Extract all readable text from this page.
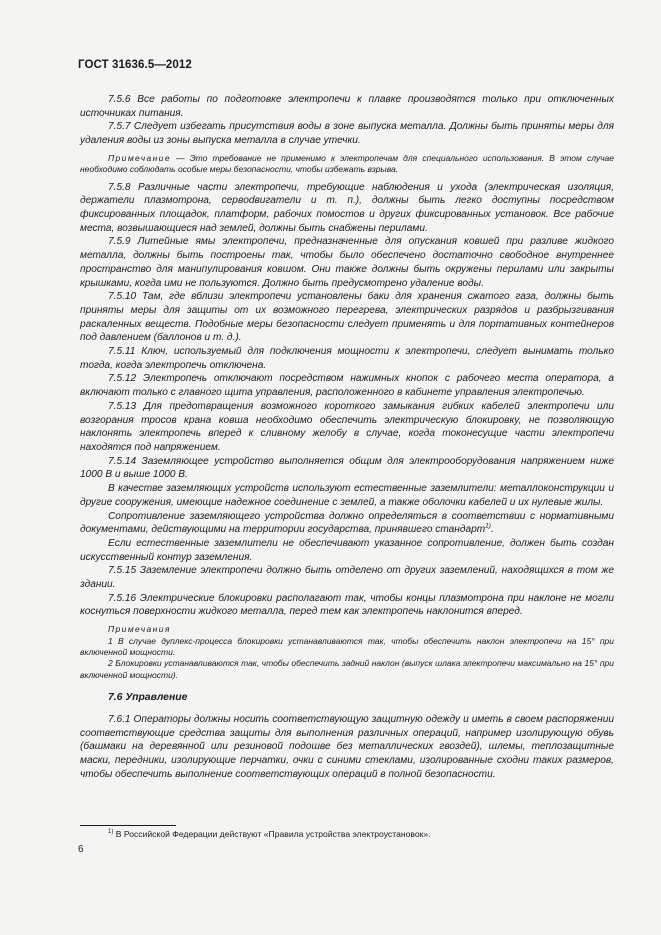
ГОСТ 31636.5—2012

7.5.6 Все работы по подготовке электропечи к плавке производятся только при отключенных источниках питания.

7.5.7 Следует избегать присутствия воды в зоне выпуска металла. Должны быть приняты меры для удаления воды из зоны выпуска металла в случае утечки.

Примечание — Это требование не применимо к электропечам для специального использования. В этом случае необходимо соблюдать особые меры безопасности, чтобы избежать взрыва.

7.5.8 Различные части электропечи, требующие наблюдения и ухода (электрическая изоляция, держатели плазмотрона, сервodвигатели и т. п.), должны быть легко доступны посредством фиксированных площадок, платформ, рабочих помостов и других фиксированных установок. Все рабочие места, возвышающиеся над землей, должны быть снабжены перилами.

7.5.9 Литейные ямы электропечи, предназначенные для опускания ковшей при разливе жидкого металла, должны быть построены так, чтобы было обеспечено достаточно свободное внутреннее пространство для манипулирования ковшом. Они также должны быть окружены перилами или закрыты крышками, когда ими не пользуются. Должно быть предусмотрено удаление воды.

7.5.10 Там, где вблизи электропечи установлены баки для хранения сжатого газа, должны быть приняты меры для защиты от их возможного перегрева, электрических разрядов и разбрызгивания раскаленных веществ. Подобные меры безопасности следует применять и для портативных контейнеров под давлением (баллонов и т. д.).

7.5.11 Ключ, используемый для подключения мощности к электропечи, следует вынимать только тогда, когда электропечь отключена.

7.5.12 Электропечь отключают посредством нажимных кнопок с рабочего места оператора, а включают только с главного щита управления, расположенного в кабинете управления электропечью.

7.5.13 Для предотвращения возможного короткого замыкания гибких кабелей электропечи или возгорания тросов крана ковша необходимо обеспечить электрическую блокировку, не позволяющую наклонять электропечь вперед к сливному желобу в случае, когда токонесущие части электропечи находятся под напряжением.

7.5.14 Заземляющее устройство выполняется общим для электрооборудования напряжением ниже 1000 В и выше 1000 В.

В качестве заземляющих устройств используют естественные заземлители: металлоконструкции и другие сооружения, имеющие надежное соединение с землей, а также оболочки кабелей и их нулевые жилы.

Сопротивление заземляющего устройства должно определяться в соответствии с нормативными документами, действующими на территории государства, принявшего стандарт$^{1)}$.

Если естественные заземлители не обеспечивают указанное сопротивление, должен быть создан искусственный контур заземления.

7.5.15 Заземление электропечи должно быть отделено от других заземлений, находящихся в том же здании.

7.5.16 Электрические блокировки располагают так, чтобы концы плазмотрона при наклоне не могли коснуться поверхности жидкого металла, перед тем как электропечь наклонится вперед.

Примечания

1 В случае дуплекс-процесса блокировки устанавливаются так, чтобы обеспечить наклон электропечи на 15° при включенной мощности.

2 Блокировки устанавливаются так, чтобы обеспечить задний наклон (выпуск шлака электропечи максимально на 15° при включенной мощности).

7.6 Управление

7.6.1 Операторы должны носить соответствующую защитную одежду и иметь в своем распоряжении соответствующие средства защиты для выполнения различных операций, например изолирующую обувь (башмаки на деревянной или резиновой подошве без металлических гвоздей), шлемы, теплозащитные маски, передники, изолирующие перчатки, очки с синими стеклами, изолированные сходни таких размеров, чтобы обеспечить выполнение соответствующих операций в полной безопасности.

$^{1)}$ В Российской Федерации действуют «Правила устройства электроустановок».
6
